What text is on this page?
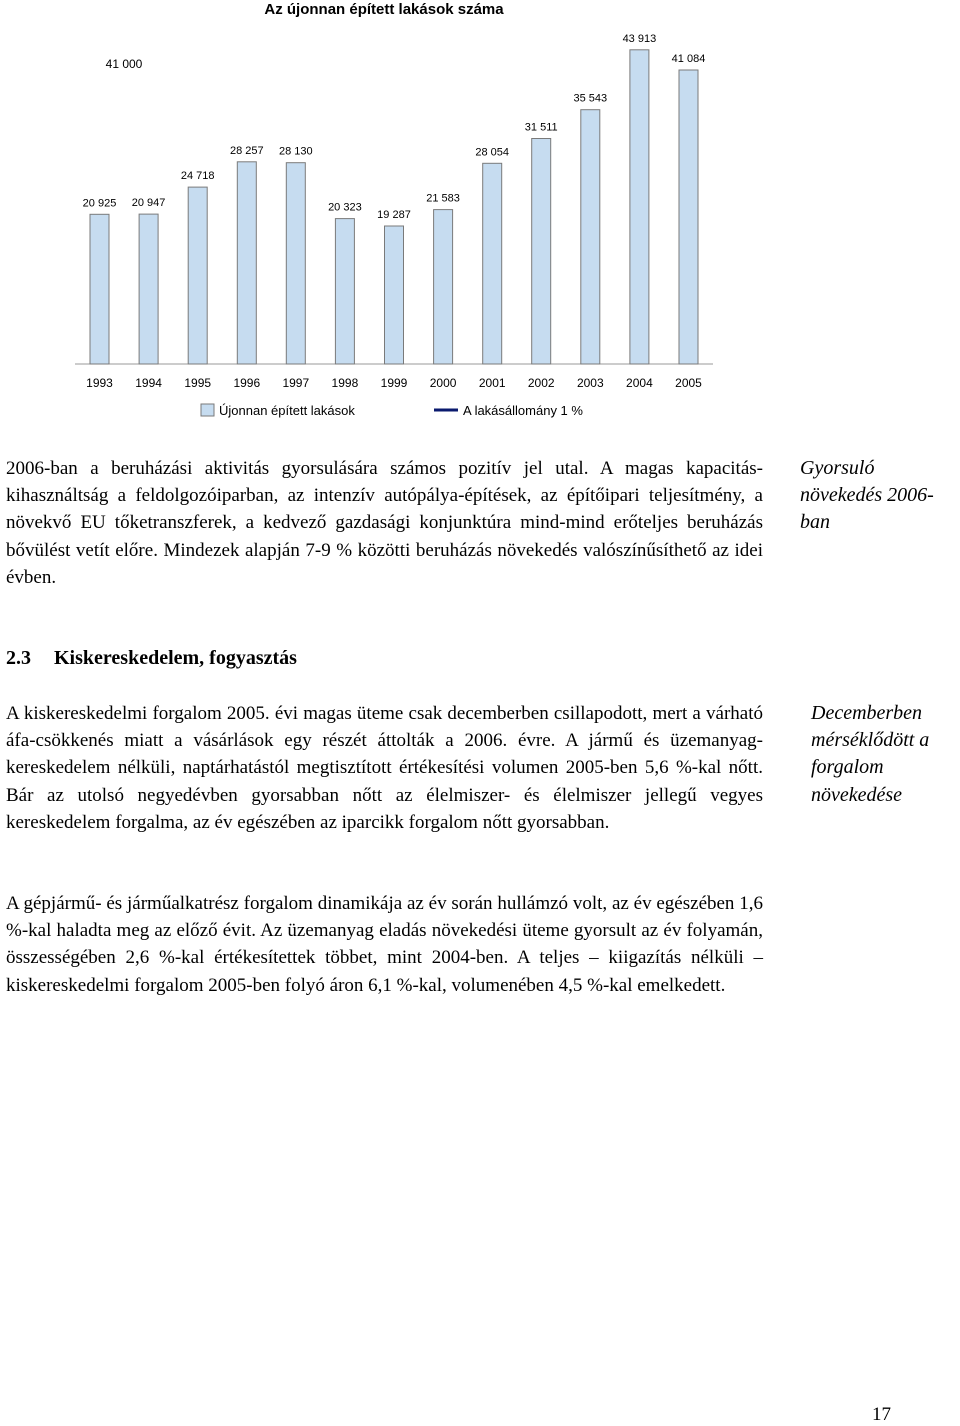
Az újonnan épített lakások száma
41 000
20 925 20 947
24 718
28 257 28 130
20 323
19 287
21 583
28 054
31 511
35 543
43 913
41 084
1993 1994 1995 1996 1997 1998 1999 2000 2001 2002 2003 2004 2005
Újonnan épített lakások	A lakásállomány 1 %

2006-ban a beruházási aktivitás gyorsulására számos pozitív jel utal. A magas kapacitás-kihasználtság a feldolgozóiparban, az intenzív autópálya-építések, az építőipari teljesítmény, a növekvő EU tőketranszferek, a kedvező gazdasági konjunktúra mind-mind erőteljes beruházás bővülést vetít előre. Mindezek alapján 7-9 % közötti beruházás növekedés valószínűsíthető az idei évben.

Gyorsuló növekedés 2006-ban

2.3 Kiskereskedelem, fogyasztás

A kiskereskedelmi forgalom 2005. évi magas üteme csak decemberben csillapodott, mert a várható áfa-csökkenés miatt a vásárlások egy részét áttolták a 2006. évre. A jármű és üzemanyag-kereskedelem nélküli, naptárhatástól megtisztított értékesítési volumen 2005-ben 5,6 %-kal nőtt. Bár az utolsó negyedévben gyorsabban nőtt az élelmiszer- és élelmiszer jellegű vegyes kereskedelem forgalma, az év egészében az iparcikk forgalom nőtt gyorsabban.

Decemberben mérséklődött a forgalom növekedése

A gépjármű- és járműalkatrész forgalom dinamikája az év során hullámzó volt, az év egészében 1,6 %-kal haladta meg az előző évit. Az üzemanyag eladás növekedési üteme gyorsult az év folyamán, összességében 2,6 %-kal értékesítettek többet, mint 2004-ben. A teljes – kiigazítás nélküli – kiskereskedelmi forgalom 2005-ben folyó áron 6,1 %-kal, volumenében 4,5 %-kal emelkedett.

17
